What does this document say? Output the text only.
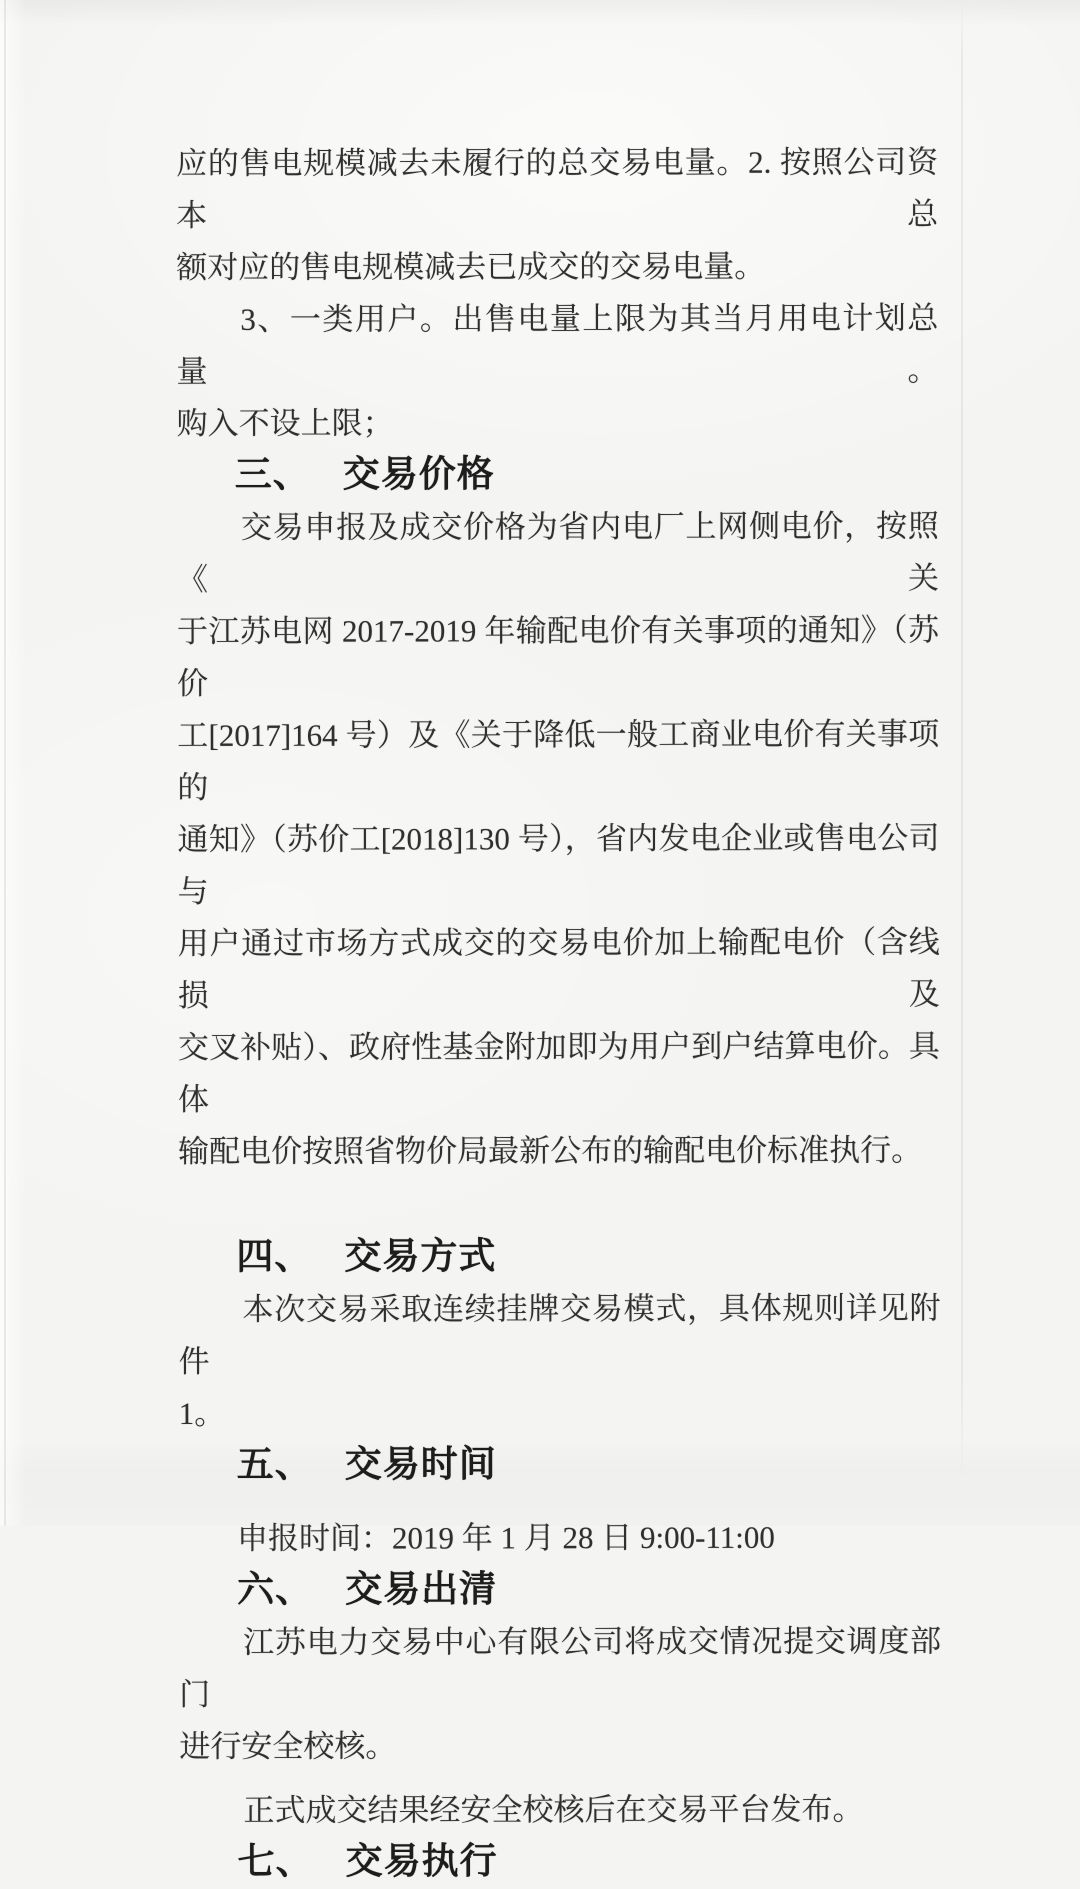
应的售电规模减去未履行的总交易电量。2. 按照公司资本总

额对应的售电规模减去已成交的交易电量。

3、一类用户。出售电量上限为其当月用电计划总量。

购入不设上限；

三、 交易价格

交易申报及成交价格为省内电厂上网侧电价，按照《关

于江苏电网 2017-2019 年输配电价有关事项的通知》（苏价

工[2017]164 号）及《关于降低一般工商业电价有关事项的

通知》（苏价工[2018]130 号），省内发电企业或售电公司与

用户通过市场方式成交的交易电价加上输配电价（含线损及

交叉补贴）、政府性基金附加即为用户到户结算电价。具体

输配电价按照省物价局最新公布的输配电价标准执行。

四、 交易方式

本次交易采取连续挂牌交易模式，具体规则详见附件

1。

五、 交易时间

申报时间：2019 年 1 月 28 日 9:00-11:00

六、 交易出清

江苏电力交易中心有限公司将成交情况提交调度部门

进行安全校核。

正式成交结果经安全校核后在交易平台发布。

七、 交易执行
